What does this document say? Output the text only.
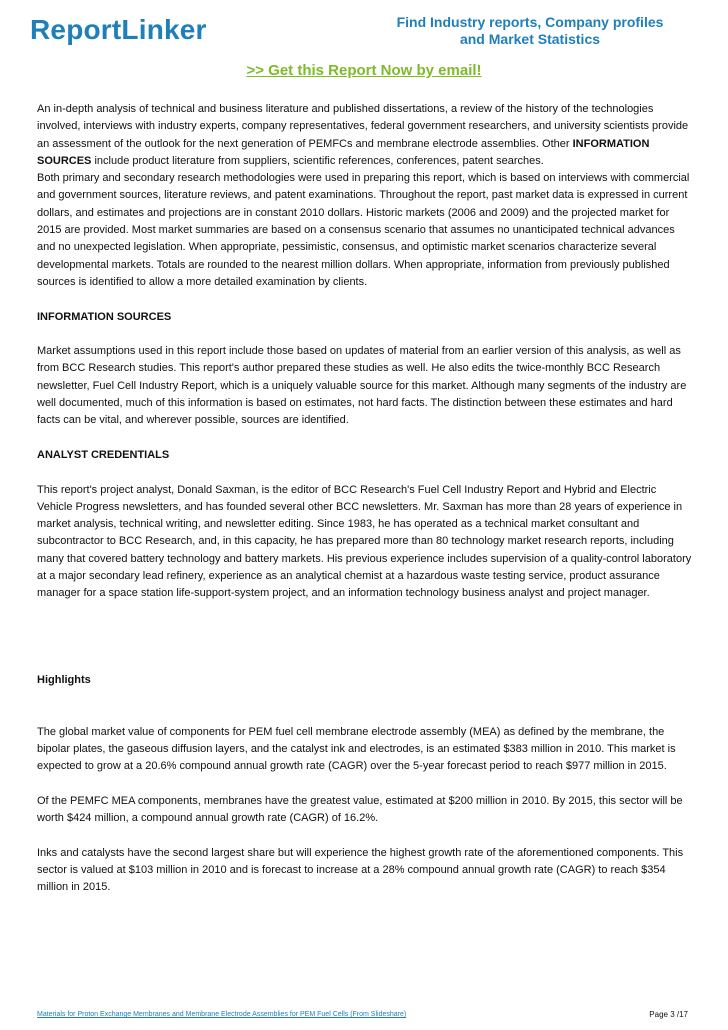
ReportLinker	Find Industry reports, Company profiles and Market Statistics
>> Get this Report Now by email!

An in-depth analysis of technical and business literature and published dissertations, a review of the history of the technologies involved, interviews with industry experts, company representatives, federal government researchers, and university scientists provide an assessment of the outlook for the next generation of PEMFCs and membrane electrode assemblies. Other INFORMATION SOURCES include product literature from suppliers, scientific references, conferences, patent searches.

Both primary and secondary research methodologies were used in preparing this report, which is based on interviews with commercial and government sources, literature reviews, and patent examinations. Throughout the report, past market data is expressed in current dollars, and estimates and projections are in constant 2010 dollars. Historic markets (2006 and 2009) and the projected market for 2015 are provided. Most market summaries are based on a consensus scenario that assumes no unanticipated technical advances and no unexpected legislation. When appropriate, pessimistic, consensus, and optimistic market scenarios characterize several developmental markets. Totals are rounded to the nearest million dollars. When appropriate, information from previously published sources is identified to allow a more detailed examination by clients.

INFORMATION SOURCES

Market assumptions used in this report include those based on updates of material from an earlier version of this analysis, as well as from BCC Research studies. This report's author prepared these studies as well. He also edits the twice-monthly BCC Research newsletter, Fuel Cell Industry Report, which is a uniquely valuable source for this market. Although many segments of the industry are well documented, much of this information is based on estimates, not hard facts. The distinction between these estimates and hard facts can be vital, and wherever possible, sources are identified.

ANALYST CREDENTIALS

This report's project analyst, Donald Saxman, is the editor of BCC Research's Fuel Cell Industry Report and Hybrid and Electric Vehicle Progress newsletters, and has founded several other BCC newsletters. Mr. Saxman has more than 28 years of experience in market analysis, technical writing, and newsletter editing. Since 1983, he has operated as a technical market consultant and subcontractor to BCC Research, and, in this capacity, he has prepared more than 80 technology market research reports, including many that covered battery technology and battery markets. His previous experience includes supervision of a quality-control laboratory at a major secondary lead refinery, experience as an analytical chemist at a hazardous waste testing service, product assurance manager for a space station life-support-system project, and an information technology business analyst and project manager.

Highlights

The global market value of components for PEM fuel cell membrane electrode assembly (MEA) as defined by the membrane, the bipolar plates, the gaseous diffusion layers, and the catalyst ink and electrodes, is an estimated $383 million in 2010. This market is expected to grow at a 20.6% compound annual growth rate (CAGR) over the 5-year forecast period to reach $977 million in 2015.

Of the PEMFC MEA components, membranes have the greatest value, estimated at $200 million in 2010. By 2015, this sector will be worth $424 million, a compound annual growth rate (CAGR) of 16.2%.

Inks and catalysts have the second largest share but will experience the highest growth rate of the aforementioned components. This sector is valued at $103 million in 2010 and is forecast to increase at a 28% compound annual growth rate (CAGR) to reach $354 million in 2015.

Materials for Proton Exchange Membranes and Membrane Electrode Assemblies for PEM Fuel Cells (From Slideshare)	Page 3 /17
